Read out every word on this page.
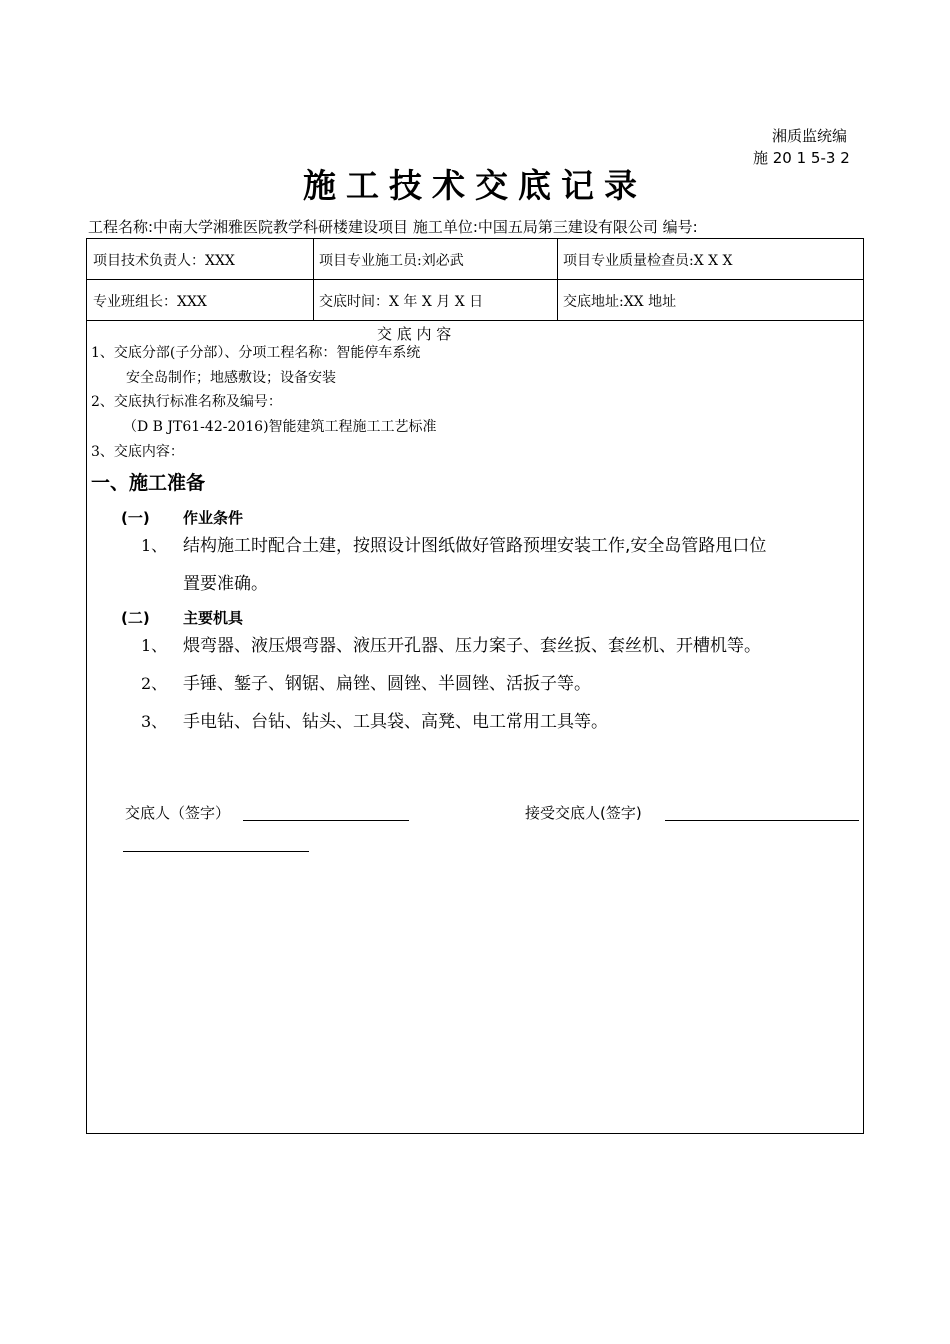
湘质监统编
施 20 1 5-3 2
施工技术交底记录
工程名称:中南大学湘雅医院教学科研楼建设项目 施工单位:中国五局第三建设有限公司 编号:
项目技术负责人：XXX	项目专业施工员:刘必武	项目专业质量检查员:X X X
专业班组长：XXX	交底时间：X 年 X 月 X 日	交底地址:XX 地址
交 底 内 容
1、交底分部(子分部）、分项工程名称：智能停车系统
安全岛制作；地感敷设；设备安装
2、交底执行标准名称及编号：
（D B JT61-42-2016)智能建筑工程施工工艺标准
3、交底内容：
一、施工准备
(一) 作业条件
1、 结构施工时配合土建，按照设计图纸做好管路预埋安装工作,安全岛管路甩口位
置要准确。
(二) 主要机具
1、 煨弯器、液压煨弯器、液压开孔器、压力案子、套丝扳、套丝机、开槽机等。
2、 手锤、錾子、钢锯、扁锉、圆锉、半圆锉、活扳子等。
3、 手电钻、台钻、钻头、工具袋、高凳、电工常用工具等。
交底人（签字）	接受交底人(签字)
